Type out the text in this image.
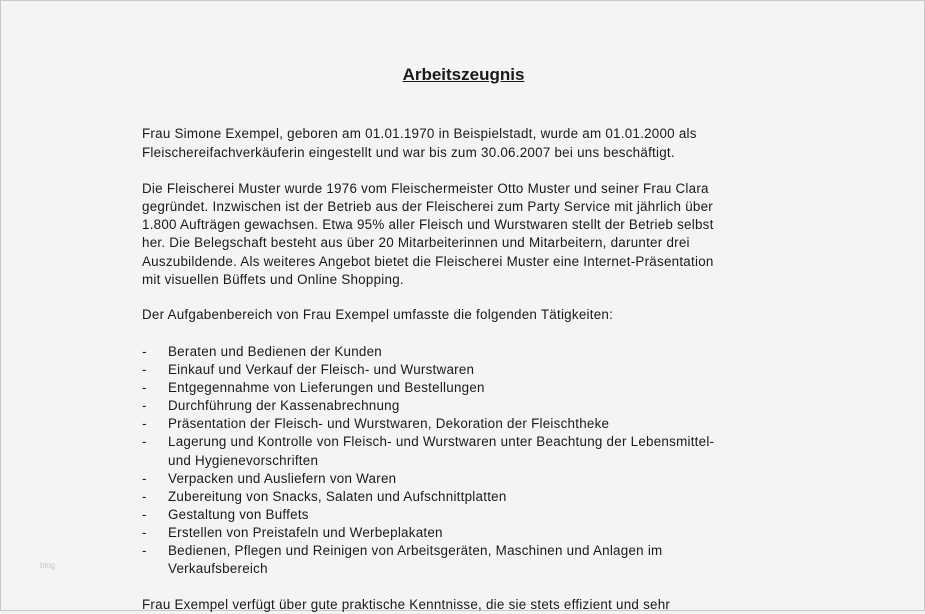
Arbeitszeugnis
Frau Simone Exempel, geboren am 01.01.1970 in Beispielstadt, wurde am 01.01.2000 als
Fleischereifachverkäuferin eingestellt und war bis zum 30.06.2007 bei uns beschäftigt.
Die Fleischerei Muster wurde 1976 vom Fleischermeister Otto Muster und seiner Frau Clara
gegründet. Inzwischen ist der Betrieb aus der Fleischerei zum Party Service mit jährlich über
1.800 Aufträgen gewachsen. Etwa 95% aller Fleisch und Wurstwaren stellt der Betrieb selbst
her. Die Belegschaft besteht aus über 20 Mitarbeiterinnen und Mitarbeitern, darunter drei
Auszubildende. Als weiteres Angebot bietet die Fleischerei Muster eine Internet-Präsentation
mit visuellen Büffets und Online Shopping.
Der Aufgabenbereich von Frau Exempel umfasste die folgenden Tätigkeiten:
- Beraten und Bedienen der Kunden
- Einkauf und Verkauf der Fleisch- und Wurstwaren
- Entgegennahme von Lieferungen und Bestellungen
- Durchführung der Kassenabrechnung
- Präsentation der Fleisch- und Wurstwaren, Dekoration der Fleischtheke
- Lagerung und Kontrolle von Fleisch- und Wurstwaren unter Beachtung der Lebensmittel-
und Hygienevorschriften
- Verpacken und Ausliefern von Waren
- Zubereitung von Snacks, Salaten und Aufschnittplatten
- Gestaltung von Buffets
- Erstellen von Preistafeln und Werbeplakaten
- Bedienen, Pflegen und Reinigen von Arbeitsgeräten, Maschinen und Anlagen im
Verkaufsbereich
Frau Exempel verfügt über gute praktische Kenntnisse, die sie stets effizient und sehr
blog
